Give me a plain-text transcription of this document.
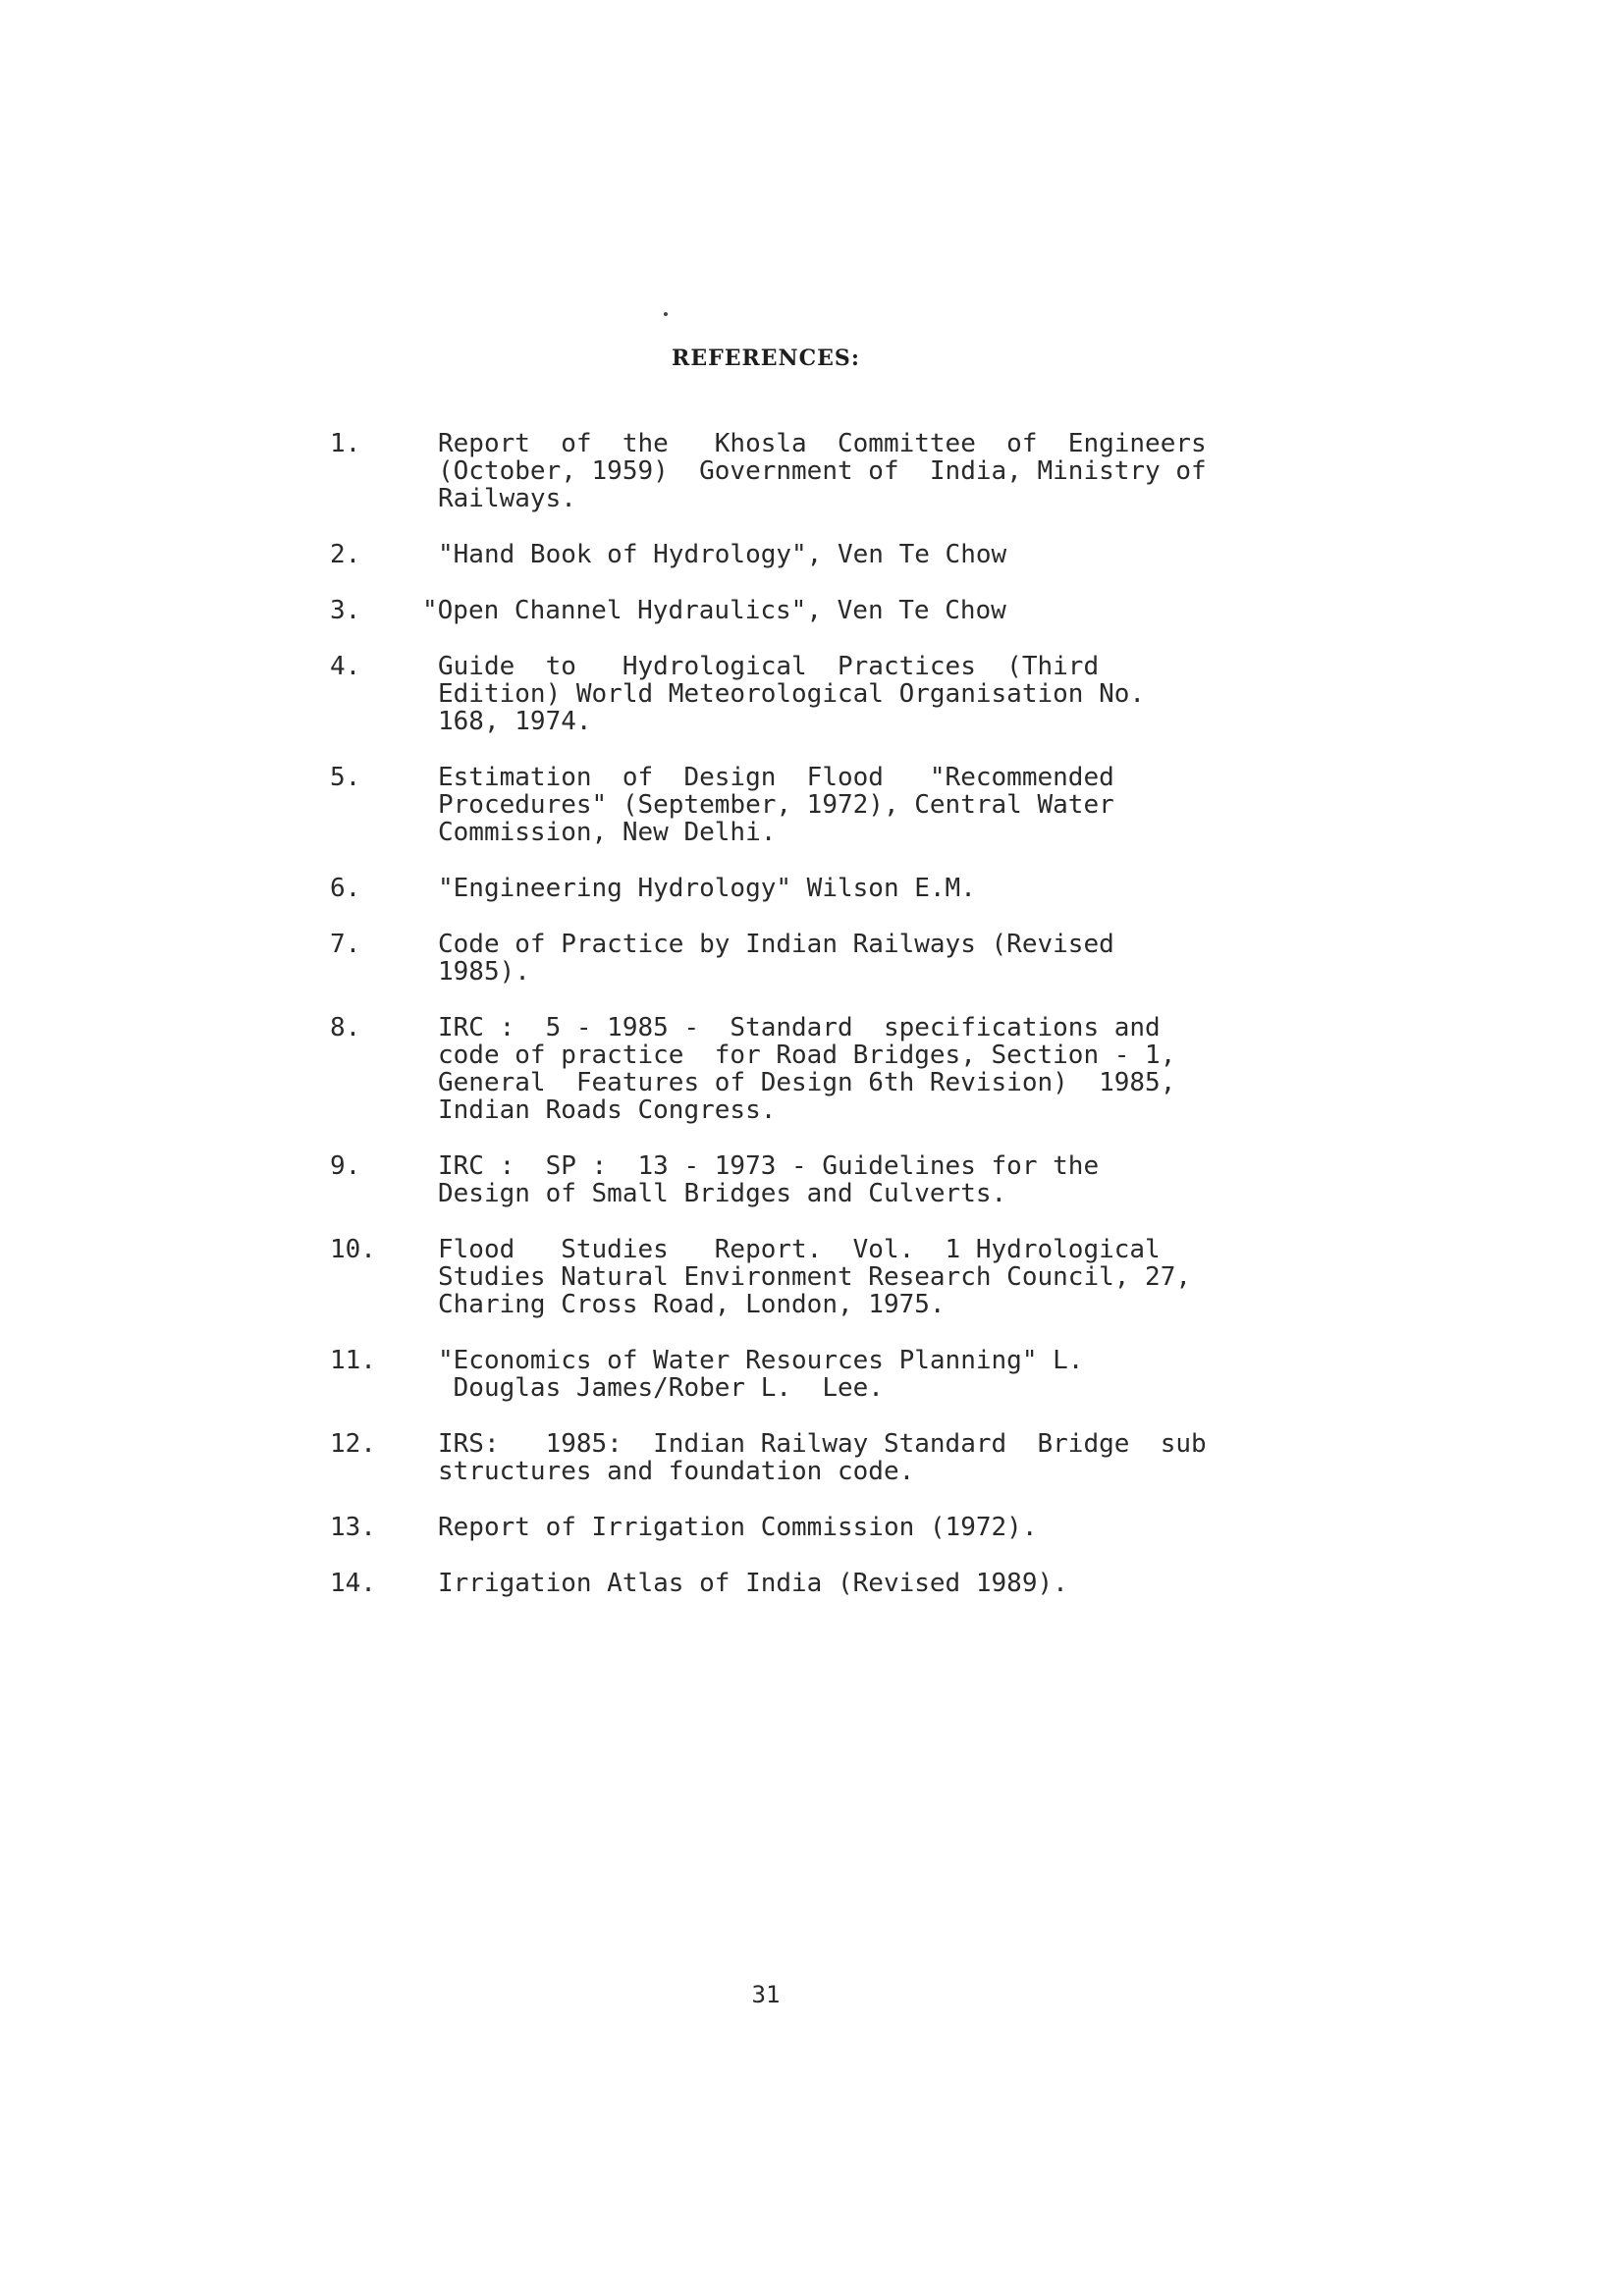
REFERENCES:
1.	Report  of  the   Khosla  Committee  of  Engineers
(October, 1959)  Government of  India, Ministry of
Railways.
2.	"Hand Book of Hydrology", Ven Te Chow
3.	"Open Channel Hydraulics", Ven Te Chow
4.	Guide  to   Hydrological  Practices  (Third
Edition) World Meteorological Organisation No.
168, 1974.
5.	Estimation  of  Design  Flood   "Recommended
Procedures" (September, 1972), Central Water
Commission, New Delhi.
6.	"Engineering Hydrology" Wilson E.M.
7.	Code of Practice by Indian Railways (Revised
1985).
8.	IRC :  5 - 1985 -  Standard  specifications and
code of practice  for Road Bridges, Section - 1,
General  Features of Design 6th Revision)  1985,
Indian Roads Congress.
9.	IRC :  SP :  13 - 1973 - Guidelines for the
Design of Small Bridges and Culverts.
10.	Flood   Studies   Report.  Vol.  1 Hydrological
Studies Natural Environment Research Council, 27,
Charing Cross Road, London, 1975.
11.	"Economics of Water Resources Planning" L.
Douglas James/Rober L.  Lee.
12.	IRS:   1985:  Indian Railway Standard  Bridge  sub
structures and foundation code.
13.	Report of Irrigation Commission (1972).
14.	Irrigation Atlas of India (Revised 1989).
31
